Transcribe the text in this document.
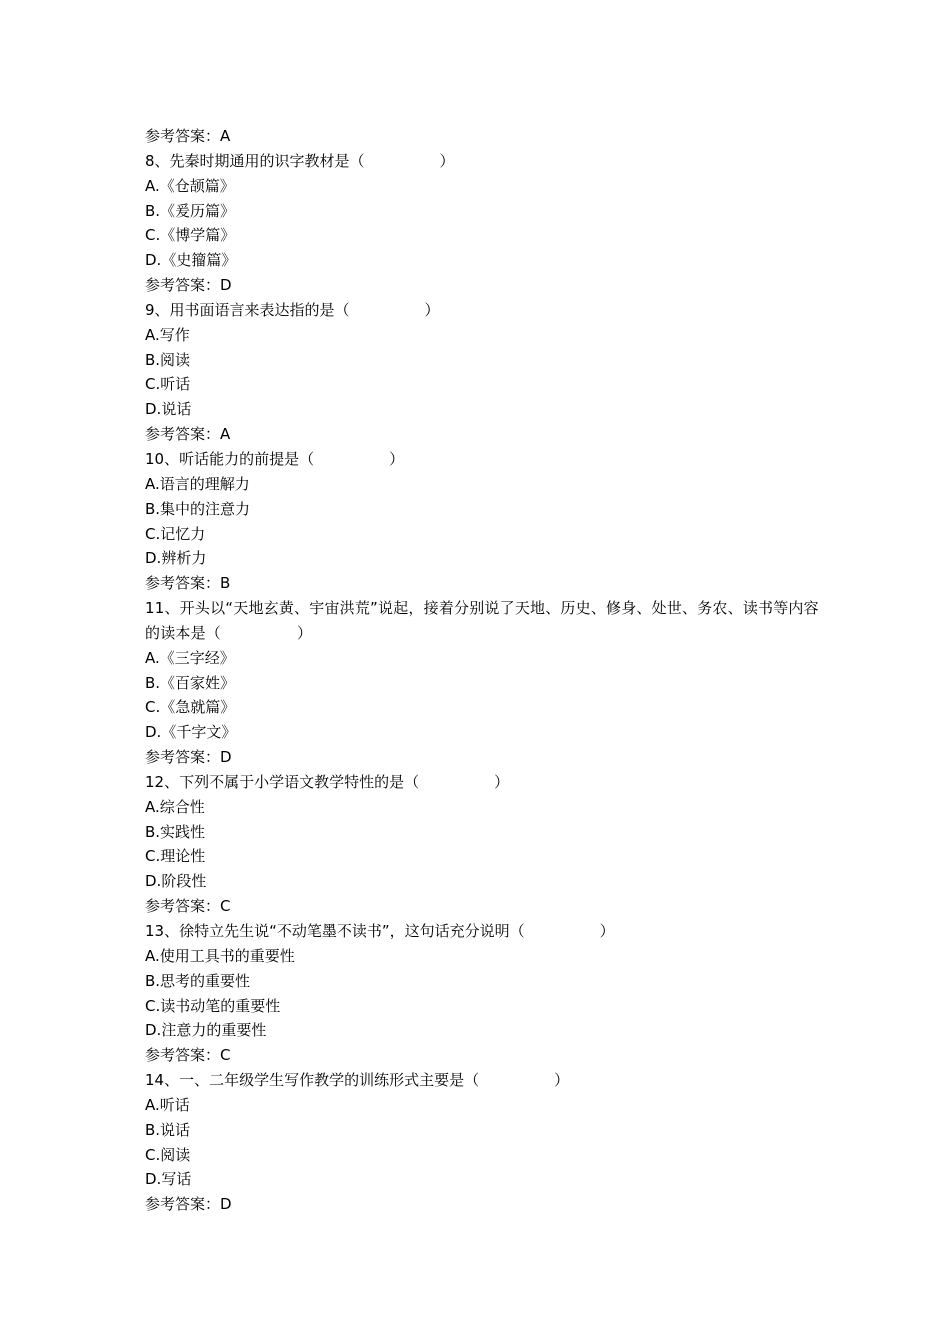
参考答案：A
8、先秦时期通用的识字教材是（　　　　　）
A.《仓颉篇》
B.《爰历篇》
C.《博学篇》
D.《史籀篇》
参考答案：D
9、用书面语言来表达指的是（　　　　　）
A.写作
B.阅读
C.听话
D.说话
参考答案：A
10、听话能力的前提是（　　　　　）
A.语言的理解力
B.集中的注意力
C.记忆力
D.辨析力
参考答案：B
11、开头以“天地玄黄、宇宙洪荒”说起，接着分别说了天地、历史、修身、处世、务农、读书等内容的读本是（　　　　　）
A.《三字经》
B.《百家姓》
C.《急就篇》
D.《千字文》
参考答案：D
12、下列不属于小学语文教学特性的是（　　　　　）
A.综合性
B.实践性
C.理论性
D.阶段性
参考答案：C
13、徐特立先生说“不动笔墨不读书”，这句话充分说明（　　　　　）
A.使用工具书的重要性
B.思考的重要性
C.读书动笔的重要性
D.注意力的重要性
参考答案：C
14、一、二年级学生写作教学的训练形式主要是（　　　　　）
A.听话
B.说话
C.阅读
D.写话
参考答案：D
